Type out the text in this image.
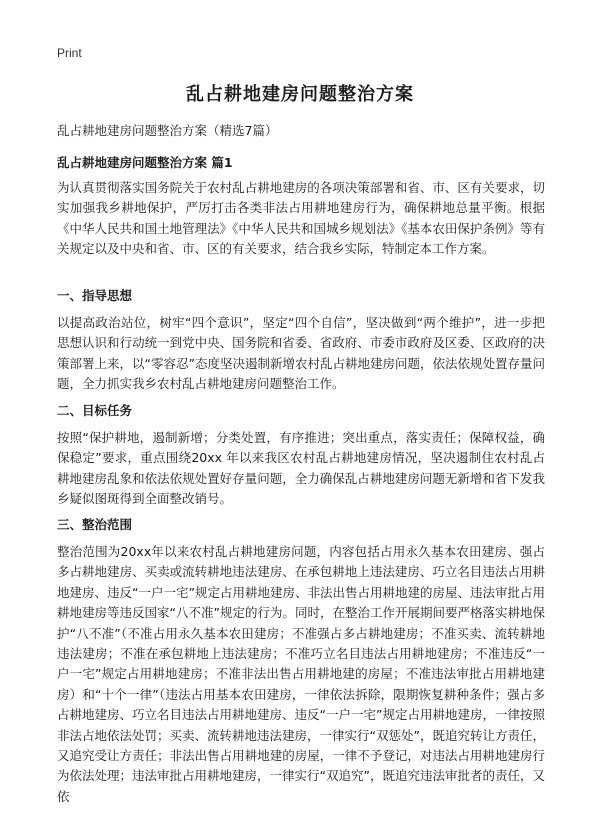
Print
乱占耕地建房问题整治方案

乱占耕地建房问题整治方案（精选7篇）

乱占耕地建房问题整治方案 篇1

为认真贯彻落实国务院关于农村乱占耕地建房的各项决策部署和省、市、区有关要求，切实加强我乡耕地保护，严厉打击各类非法占用耕地建房行为，确保耕地总量平衡。根据《中华人民共和国土地管理法》《中华人民共和国城乡规划法》《基本农田保护条例》等有关规定以及中央和省、市、区的有关要求，结合我乡实际，特制定本工作方案。

一、指导思想

以提高政治站位，树牢“四个意识”，坚定“四个自信”，坚决做到“两个维护”，进一步把思想认识和行动统一到党中央、国务院和省委、省政府、市委市政府及区委、区政府的决策部署上来，以“零容忍”态度坚决遏制新增农村乱占耕地建房问题，依法依规处置存量问题，全力抓实我乡农村乱占耕地建房问题整治工作。

二、目标任务

按照“保护耕地，遏制新增；分类处置，有序推进；突出重点，落实责任；保障权益，确保稳定”要求，重点围绕20xx 年以来我区农村乱占耕地建房情况，坚决遏制住农村乱占耕地建房乱象和依法依规处置好存量问题，全力确保乱占耕地建房问题无新增和省下发我乡疑似图斑得到全面整改销号。

三、整治范围

整治范围为20xx年以来农村乱占耕地建房问题，内容包括占用永久基本农田建房、强占多占耕地建房、买卖或流转耕地违法建房、在承包耕地上违法建房、巧立名目违法占用耕地建房、违反“一户一宅”规定占用耕地建房、非法出售占用耕地建的房屋、违法审批占用耕地建房等违反国家“八不准”规定的行为。同时，在整治工作开展期间要严格落实耕地保护“八不准”（不准占用永久基本农田建房；不准强占多占耕地建房；不准买卖、流转耕地违法建房；不准在承包耕地上违法建房；不准巧立名目违法占用耕地建房；不准违反“一户一宅”规定占用耕地建房；不准非法出售占用耕地建的房屋；不准违法审批占用耕地建房）和“十个一律”（违法占用基本农田建房，一律依法拆除，限期恢复耕种条件；强占多占耕地建房、巧立名目违法占用耕地建房、违反“一户一宅”规定占用耕地建房，一律按照非法占地依法处罚；买卖、流转耕地违法建房，一律实行“双惩处”，既追究转让方责任，又追究受让方责任；非法出售占用耕地建的房屋，一律不予登记，对违法占用耕地建房行为依法处理；违法审批占用耕地建房，一律实行“双追究”，既追究违法审批者的责任，又依
